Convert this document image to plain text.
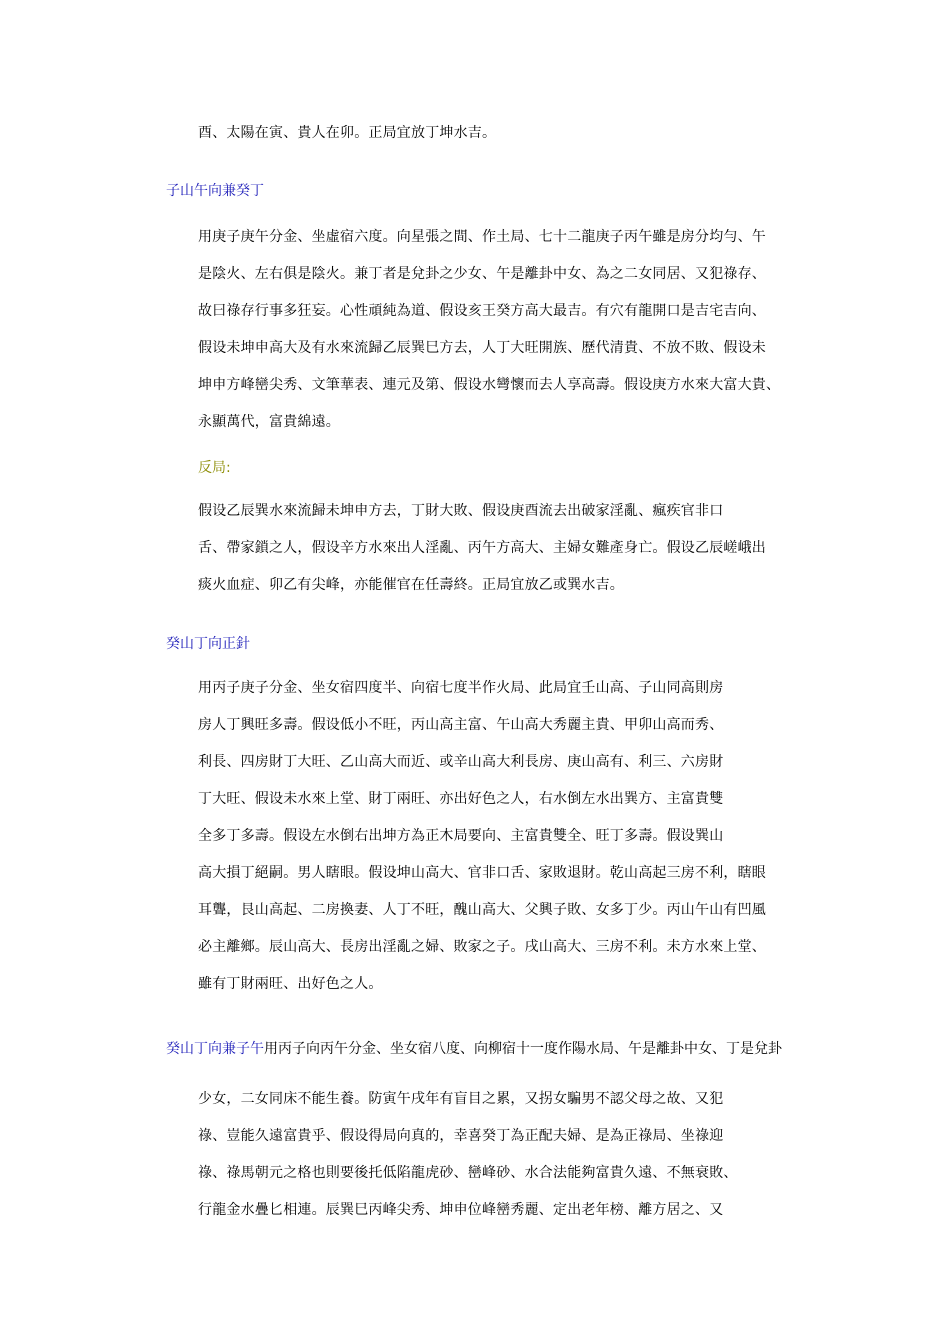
酉、太陽在寅、貴人在卯。正局宜放丁坤水吉。
子山午向兼癸丁
用庚子庚午分金、坐虛宿六度。向星張之間、作土局、七十二龍庚子丙午雖是房分均勻、午
是陰火、左右俱是陰火。兼丁者是兌卦之少女、午是離卦中女、為之二女同居、又犯祿存、
故曰祿存行事多狂妄。心性頑純為道、假设亥王癸方高大最吉。有穴有龍開口是吉宅吉向、
假设未坤申高大及有水來流歸乙辰巽巳方去，人丁大旺開族、歷代清貴、不放不敗、假设未
坤申方峰巒尖秀、文筆華表、連元及第、假设水彎懷而去人享高壽。假设庚方水來大富大貴、
永顯萬代，富貴綿遠。
反局:
假设乙辰巽水來流歸未坤申方去，丁財大敗、假设庚酉流去出破家淫亂、瘋疾官非口
舌、帶家鎖之人，假设辛方水來出人淫亂、丙午方高大、主婦女難產身亡。假设乙辰嵯峨出
痰火血症、卯乙有尖峰，亦能催官在任壽終。正局宜放乙或巽水吉。
癸山丁向正針
用丙子庚子分金、坐女宿四度半、向宿七度半作火局、此局宜壬山高、子山同高則房
房人丁興旺多壽。假设低小不旺，丙山高主富、午山高大秀麗主貴、甲卯山高而秀、
利長、四房財丁大旺、乙山高大而近、或辛山高大利長房、庚山高有、利三、六房財
丁大旺、假设未水來上堂、財丁兩旺、亦出好色之人，右水倒左水出巽方、主富貴雙
全多丁多壽。假设左水倒右出坤方為正木局要向、主富貴雙全、旺丁多壽。假设巽山
高大損丁絕嗣。男人瞎眼。假设坤山高大、官非口舌、家敗退財。乾山高起三房不利，瞎眼
耳聾，艮山高起、二房換妻、人丁不旺，醜山高大、父興子敗、女多丁少。丙山午山有凹風
必主離鄉。辰山高大、長房出淫亂之婦、敗家之子。戌山高大、三房不利。未方水來上堂、
雖有丁財兩旺、出好色之人。
癸山丁向兼子午用丙子向丙午分金、坐女宿八度、向柳宿十一度作陽水局、午是離卦中女、丁是兌卦
少女，二女同床不能生養。防寅午戌年有盲目之累，又拐女騙男不認父母之故、又犯
祿、豈能久遠富貴乎、假设得局向真的，幸喜癸丁為正配夫婦、是為正祿局、坐祿迎
祿、祿馬朝元之格也則要後托低陷龍虎砂、巒峰砂、水合法能夠富貴久遠、不無衰敗、
行龍金水疊匕相連。辰巽巳丙峰尖秀、坤申位峰巒秀麗、定出老年榜、離方居之、又
